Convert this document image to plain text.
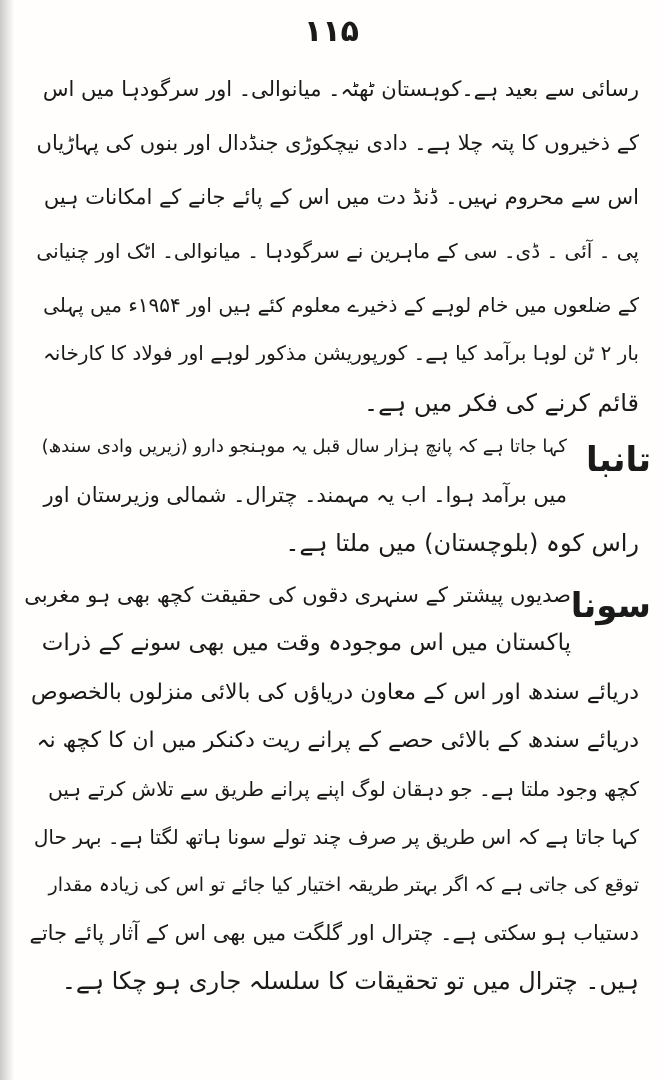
۱۱۵
رسائی سے بعید ہے۔کوہستان ٹھٹہ۔ میانوالی۔ اور سرگودہا میں اس
کے ذخیروں کا پتہ چلا ہے۔ دادی نیچکوڑی جنڈدال اور بنوں کی پہاڑیاں
اس سے محروم نہیں۔ ڈنڈ دت میں اس کے پائے جانے کے امکانات ہیں
پی ۔ آئی ۔ ڈی۔ سی کے ماہرین نے سرگودہا ۔ میانوالی۔ اٹک اور چنیانی
کے ضلعوں میں خام لوہے کے ذخیرے معلوم کئے ہیں اور ۱۹۵۴ء میں پہلی
بار ۲ ٹن لوہا برآمد کیا ہے۔ کورپوریشن مذکور لوہے اور فولاد کا کارخانہ
قائم کرنے کی فکر میں ہے۔
تانبا
کہا جاتا ہے کہ پانچ ہزار سال قبل یہ موہنجو دارو (زیریں وادی سندھ)
میں برآمد ہوا۔ اب یہ مہمند۔ چترال۔ شمالی وزیرستان اور
راس کوہ (بلوچستان) میں ملتا ہے۔
سونا
صدیوں پیشتر کے سنہری دقوں کی حقیقت کچھ بھی ہو مغربی
پاکستان میں اس موجودہ وقت میں بھی سونے کے ذرات
دریائے سندھ اور اس کے معاون دریاؤں کی بالائی منزلوں بالخصوص
دریائے سندھ کے بالائی حصے کے پرانے ریت دکنکر میں ان کا کچھ نہ
کچھ وجود ملتا ہے۔ جو دہقان لوگ اپنے پرانے طریق سے تلاش کرتے ہیں
کہا جاتا ہے کہ اس طریق پر صرف چند تولے سونا ہاتھ لگتا ہے۔ بہر حال
توقع کی جاتی ہے کہ اگر بہتر طریقہ اختیار کیا جائے تو اس کی زیادہ مقدار
دستیاب ہو سکتی ہے۔ چترال اور گلگت میں بھی اس کے آثار پائے جاتے
ہیں۔ چترال میں تو تحقیقات کا سلسلہ جاری ہو چکا ہے۔
